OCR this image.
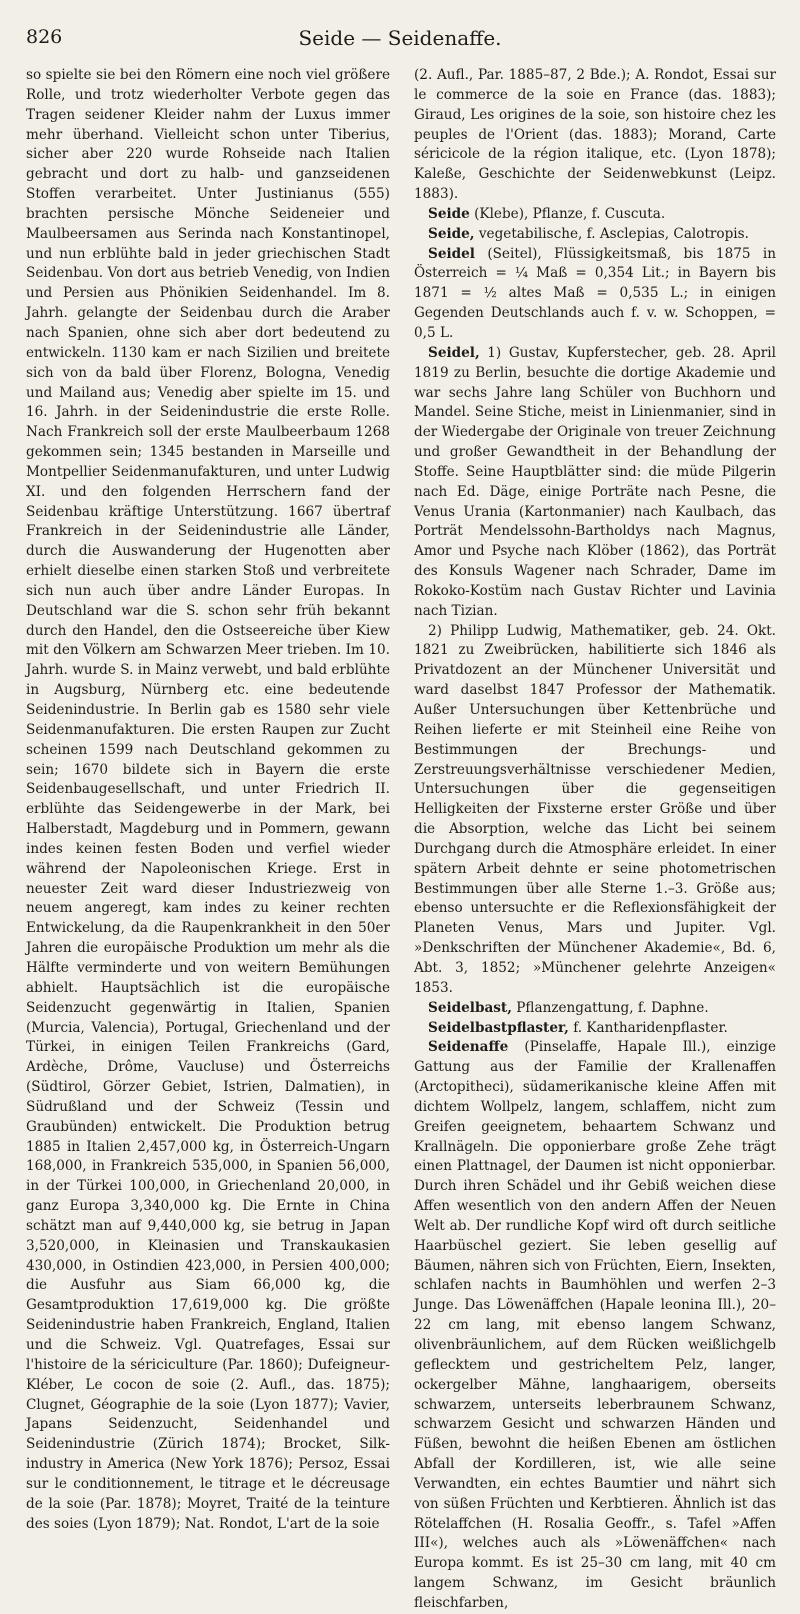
826	Seide — Seidenaffe.

so spielte sie bei den Römern eine noch viel größere Rolle, und trotz wiederholter Verbote gegen das Tragen seidener Kleider nahm der Luxus immer mehr überhand. Vielleicht schon unter Tiberius, sicher aber 220 wurde Rohseide nach Italien gebracht und dort zu halb- und ganzseidenen Stoffen verarbeitet. Unter Justinianus (555) brachten persische Mönche Seideneier und Maulbeersamen aus Serinda nach Konstantinopel, und nun erblühte bald in jeder griechischen Stadt Seidenbau. Von dort aus betrieb Venedig, von Indien und Persien aus Phönikien Seidenhandel. Im 8. Jahrh. gelangte der Seidenbau durch die Araber nach Spanien, ohne sich aber dort bedeutend zu entwickeln. 1130 kam er nach Sizilien und breitete sich von da bald über Florenz, Bologna, Venedig und Mailand aus; Venedig aber spielte im 15. und 16. Jahrh. in der Seidenindustrie die erste Rolle. Nach Frankreich soll der erste Maulbeerbaum 1268 gekommen sein; 1345 bestanden in Marseille und Montpellier Seidenmanufakturen, und unter Ludwig XI. und den folgenden Herrschern fand der Seidenbau kräftige Unterstützung. 1667 übertraf Frankreich in der Seidenindustrie alle Länder, durch die Auswanderung der Hugenotten aber erhielt dieselbe einen starken Stoß und verbreitete sich nun auch über andre Länder Europas. In Deutschland war die S. schon sehr früh bekannt durch den Handel, den die Ostseereiche über Kiew mit den Völkern am Schwarzen Meer trieben. Im 10. Jahrh. wurde S. in Mainz verwebt, und bald erblühte in Augsburg, Nürnberg etc. eine bedeutende Seidenindustrie. In Berlin gab es 1580 sehr viele Seidenmanufakturen. Die ersten Raupen zur Zucht scheinen 1599 nach Deutschland gekommen zu sein; 1670 bildete sich in Bayern die erste Seidenbaugesellschaft, und unter Friedrich II. erblühte das Seidengewerbe in der Mark, bei Halberstadt, Magdeburg und in Pommern, gewann indes keinen festen Boden und verfiel wieder während der Napoleonischen Kriege. Erst in neuester Zeit ward dieser Industriezweig von neuem angeregt, kam indes zu keiner rechten Entwickelung, da die Raupenkrankheit in den 50er Jahren die europäische Produktion um mehr als die Hälfte verminderte und von weitern Bemühungen abhielt. Hauptsächlich ist die europäische Seidenzucht gegenwärtig in Italien, Spanien (Murcia, Valencia), Portugal, Griechenland und der Türkei, in einigen Teilen Frankreichs (Gard, Ardèche, Drôme, Vaucluse) und Österreichs (Südtirol, Görzer Gebiet, Istrien, Dalmatien), in Südrußland und der Schweiz (Tessin und Graubünden) entwickelt. Die Produktion betrug 1885 in Italien 2,457,000 kg, in Österreich-Ungarn 168,000, in Frankreich 535,000, in Spanien 56,000, in der Türkei 100,000, in Griechenland 20,000, in ganz Europa 3,340,000 kg. Die Ernte in China schätzt man auf 9,440,000 kg, sie betrug in Japan 3,520,000, in Kleinasien und Transkaukasien 430,000, in Ostindien 423,000, in Persien 400,000; die Ausfuhr aus Siam 66,000 kg, die Gesamtproduktion 17,619,000 kg. Die größte Seidenindustrie haben Frankreich, England, Italien und die Schweiz. Vgl. Quatrefages, Essai sur l'histoire de la sériciculture (Par. 1860); Dufeigneur-Kléber, Le cocon de soie (2. Aufl., das. 1875); Clugnet, Géographie de la soie (Lyon 1877); Vavier, Japans Seidenzucht, Seidenhandel und Seidenindustrie (Zürich 1874); Brocket, Silk-industry in America (New York 1876); Persoz, Essai sur le conditionnement, le titrage et le décreusage de la soie (Par. 1878); Moyret, Traité de la teinture des soies (Lyon 1879); Nat. Rondot, L'art de la soie

(2. Aufl., Par. 1885–87, 2 Bde.); A. Rondot, Essai sur le commerce de la soie en France (das. 1883); Giraud, Les origines de la soie, son histoire chez les peuples de l'Orient (das. 1883); Morand, Carte séricicole de la région italique, etc. (Lyon 1878); Kaleße, Geschichte der Seidenwebkunst (Leipz. 1883).

Seide (Klebe), Pflanze, f. Cuscuta.

Seide, vegetabilische, f. Asclepias, Calotropis.

Seidel (Seitel), Flüssigkeitsmaß, bis 1875 in Österreich = ¼ Maß = 0,354 Lit.; in Bayern bis 1871 = ½ altes Maß = 0,535 L.; in einigen Gegenden Deutschlands auch f. v. w. Schoppen, = 0,5 L.

Seidel, 1) Gustav, Kupferstecher, geb. 28. April 1819 zu Berlin, besuchte die dortige Akademie und war sechs Jahre lang Schüler von Buchhorn und Mandel. Seine Stiche, meist in Linienmanier, sind in der Wiedergabe der Originale von treuer Zeichnung und großer Gewandtheit in der Behandlung der Stoffe. Seine Hauptblätter sind: die müde Pilgerin nach Ed. Däge, einige Porträte nach Pesne, die Venus Urania (Kartonmanier) nach Kaulbach, das Porträt Mendelssohn-Bartholdys nach Magnus, Amor und Psyche nach Klöber (1862), das Porträt des Konsuls Wagener nach Schrader, Dame im Rokoko-Kostüm nach Gustav Richter und Lavinia nach Tizian.

2) Philipp Ludwig, Mathematiker, geb. 24. Okt. 1821 zu Zweibrücken, habilitierte sich 1846 als Privatdozent an der Münchener Universität und ward daselbst 1847 Professor der Mathematik. Außer Untersuchungen über Kettenbrüche und Reihen lieferte er mit Steinheil eine Reihe von Bestimmungen der Brechungs- und Zerstreuungsverhältnisse verschiedener Medien, Untersuchungen über die gegenseitigen Helligkeiten der Fixsterne erster Größe und über die Absorption, welche das Licht bei seinem Durchgang durch die Atmosphäre erleidet. In einer spätern Arbeit dehnte er seine photometrischen Bestimmungen über alle Sterne 1.–3. Größe aus; ebenso untersuchte er die Reflexionsfähigkeit der Planeten Venus, Mars und Jupiter. Vgl. »Denkschriften der Münchener Akademie«, Bd. 6, Abt. 3, 1852; »Münchener gelehrte Anzeigen« 1853.

Seidelbast, Pflanzengattung, f. Daphne.

Seidelbastpflaster, f. Kantharidenpflaster.

Seidenaffe (Pinselaffe, Hapale Ill.), einzige Gattung aus der Familie der Krallenaffen (Arctopitheci), südamerikanische kleine Affen mit dichtem Wollpelz, langem, schlaffem, nicht zum Greifen geeignetem, behaartem Schwanz und Krallnägeln. Die opponierbare große Zehe trägt einen Plattnagel, der Daumen ist nicht opponierbar. Durch ihren Schädel und ihr Gebiß weichen diese Affen wesentlich von den andern Affen der Neuen Welt ab. Der rundliche Kopf wird oft durch seitliche Haarbüschel geziert. Sie leben gesellig auf Bäumen, nähren sich von Früchten, Eiern, Insekten, schlafen nachts in Baumhöhlen und werfen 2–3 Junge. Das Löwenäffchen (Hapale leonina Ill.), 20–22 cm lang, mit ebenso langem Schwanz, olivenbräunlichem, auf dem Rücken weißlichgelb geflecktem und gestricheltem Pelz, langer, ockergelber Mähne, langhaarigem, oberseits schwarzem, unterseits leberbraunem Schwanz, schwarzem Gesicht und schwarzen Händen und Füßen, bewohnt die heißen Ebenen am östlichen Abfall der Kordilleren, ist, wie alle seine Verwandten, ein echtes Baumtier und nährt sich von süßen Früchten und Kerbtieren. Ähnlich ist das Rötelaffchen (H. Rosalia Geoffr., s. Tafel »Affen III«), welches auch als »Löwenäffchen« nach Europa kommt. Es ist 25–30 cm lang, mit 40 cm langem Schwanz, im Gesicht bräunlich fleischfarben,
